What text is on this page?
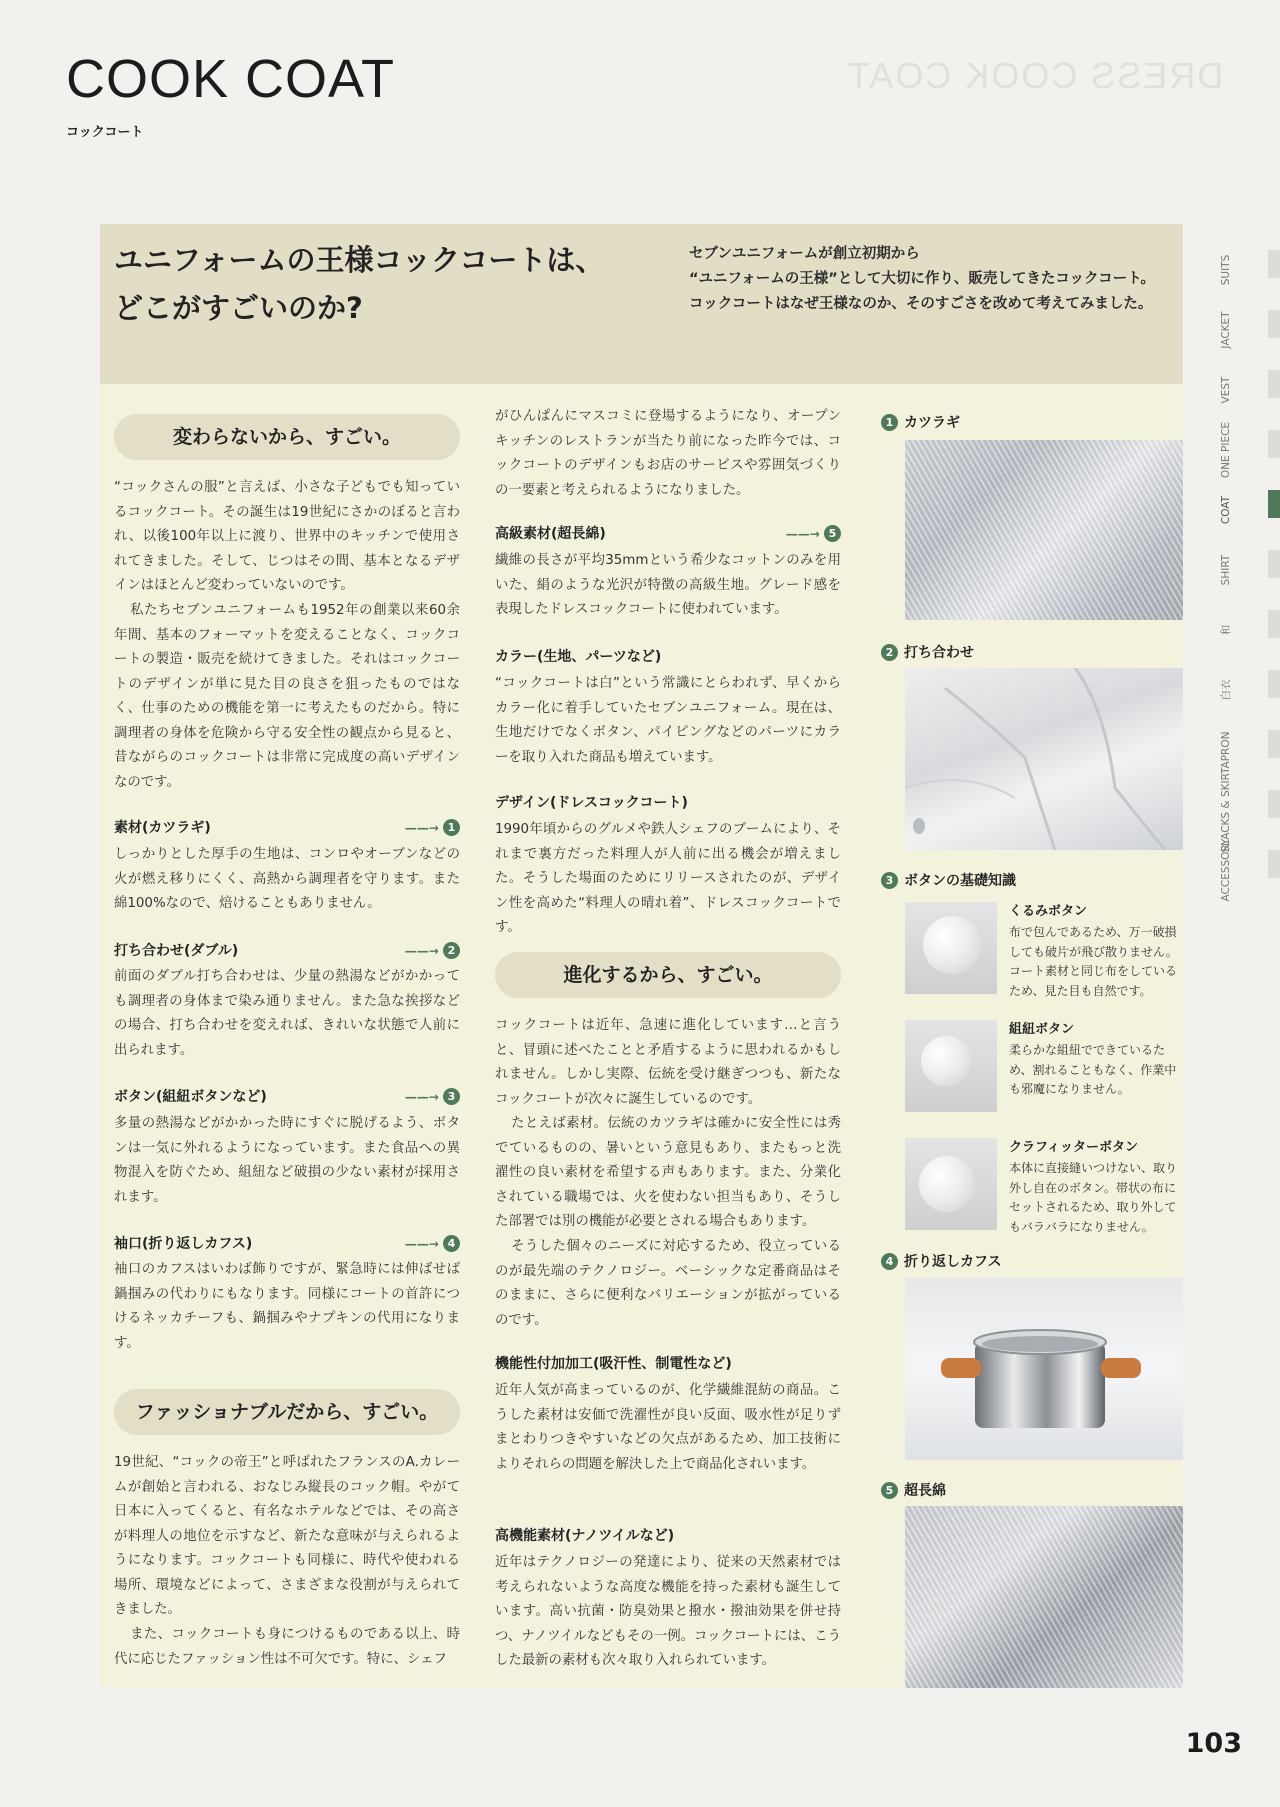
DRESS COOK COAT
COOK COAT
コックコート
ユニフォームの王様コックコートは、
どこがすごいのか?
セブンユニフォームが創立初期から
“ユニフォームの王様”として大切に作り、販売してきたコックコート。
コックコートはなぜ王様なのか、そのすごさを改めて考えてみました。
変わらないから、すごい。
“コックさんの服”と言えば、小さな子どもでも知っているコックコート。その誕生は19世紀にさかのぼると言われ、以後100年以上に渡り、世界中のキッチンで使用されてきました。そして、じつはその間、基本となるデザインはほとんど変わっていないのです。
私たちセブンユニフォームも1952年の創業以来60余年間、基本のフォーマットを変えることなく、コックコートの製造・販売を続けてきました。それはコックコートのデザインが単に見た目の良さを狙ったものではなく、仕事のための機能を第一に考えたものだから。特に調理者の身体を危険から守る安全性の観点から見ると、昔ながらのコックコートは非常に完成度の高いデザインなのです。
素材(カツラギ)	——→ 1
しっかりとした厚手の生地は、コンロやオーブンなどの火が燃え移りにくく、高熱から調理者を守ります。また綿100%なので、焙けることもありません。
打ち合わせ(ダブル)	——→ 2
前面のダブル打ち合わせは、少量の熱湯などがかかっても調理者の身体まで染み通りません。また急な挨拶などの場合、打ち合わせを変えれば、きれいな状態で人前に出られます。
ボタン(組紐ボタンなど)	——→ 3
多量の熱湯などがかかった時にすぐに脱げるよう、ボタンは一気に外れるようになっています。また食品への異物混入を防ぐため、組紐など破損の少ない素材が採用されます。
袖口(折り返しカフス)	——→ 4
袖口のカフスはいわば飾りですが、緊急時には伸ばせば鍋掴みの代わりにもなります。同様にコートの首許につけるネッカチーフも、鍋掴みやナプキンの代用になります。
ファッショナブルだから、すごい。
19世紀、“コックの帝王”と呼ばれたフランスのA.カレームが創始と言われる、おなじみ縦長のコック帽。やがて日本に入ってくると、有名なホテルなどでは、その高さが料理人の地位を示すなど、新たな意味が与えられるようになります。コックコートも同様に、時代や使われる場所、環境などによって、さまざまな役割が与えられてきました。
また、コックコートも身につけるものである以上、時代に応じたファッション性は不可欠です。特に、シェフ
がひんぱんにマスコミに登場するようになり、オープンキッチンのレストランが当たり前になった昨今では、コックコートのデザインもお店のサービスや雰囲気づくりの一要素と考えられるようになりました。
高級素材(超長綿)	——→ 5
繊維の長さが平均35mmという希少なコットンのみを用いた、絹のような光沢が特徴の高級生地。グレード感を表現したドレスコックコートに使われています。
カラー(生地、パーツなど)
“コックコートは白”という常識にとらわれず、早くからカラー化に着手していたセブンユニフォーム。現在は、生地だけでなくボタン、パイピングなどのパーツにカラーを取り入れた商品も増えています。
デザイン(ドレスコックコート)
1990年頃からのグルメや鉄人シェフのブームにより、それまで裏方だった料理人が人前に出る機会が増えました。そうした場面のためにリリースされたのが、デザイン性を高めた“料理人の晴れ着”、ドレスコックコートです。
進化するから、すごい。
コックコートは近年、急速に進化しています…と言うと、冒頭に述べたことと矛盾するように思われるかもしれません。しかし実際、伝統を受け継ぎつつも、新たなコックコートが次々に誕生しているのです。
たとえば素材。伝統のカツラギは確かに安全性には秀でているものの、暑いという意見もあり、またもっと洗濯性の良い素材を希望する声もあります。また、分業化されている職場では、火を使わない担当もあり、そうした部署では別の機能が必要とされる場合もあります。
そうした個々のニーズに対応するため、役立っているのが最先端のテクノロジー。ベーシックな定番商品はそのままに、さらに便利なバリエーションが拡がっているのです。
機能性付加加工(吸汗性、制電性など)
近年人気が高まっているのが、化学繊維混紡の商品。こうした素材は安価で洗濯性が良い反面、吸水性が足りずまとわりつきやすいなどの欠点があるため、加工技術によりそれらの問題を解決した上で商品化されいます。
高機能素材(ナノツイルなど)
近年はテクノロジーの発達により、従来の天然素材では考えられないような高度な機能を持った素材も誕生しています。高い抗菌・防臭効果と撥水・撥油効果を併せ持つ、ナノツイルなどもその一例。コックコートには、こうした最新の素材も次々取り入れられています。
1 カツラギ
2 打ち合わせ
3 ボタンの基礎知識
くるみボタン
布で包んであるため、万一破損しても破片が飛び散りません。コート素材と同じ布をしているため、見た目も自然です。
組紐ボタン
柔らかな組紐でできているため、割れることもなく、作業中も邪魔になりません。
クラフィッターボタン
本体に直接縫いつけない、取り外し自在のボタン。帯状の布にセットされるため、取り外してもバラバラになりません。
4 折り返しカフス
5 超長綿
SUITS
JACKET
VEST
ONE PIECE
COAT
SHIRT
和
白衣
APRON
SLACKS & SKIRT
ACCESSORY
103
